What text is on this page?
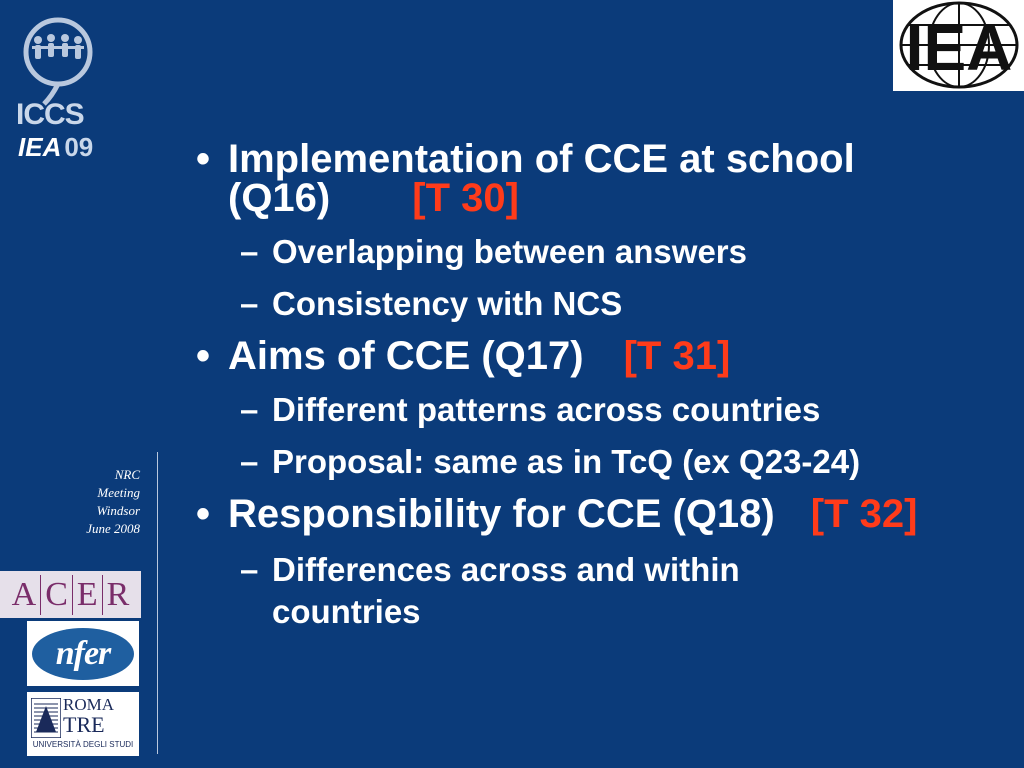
ICCS
IEA 09
IEA
NRC
Meeting
Windsor
June 2008
A C E R
nfer
ROMA
TRE
UNIVERSITÀ DEGLI STUDI
• Implementation of CCE at school
(Q16) [T 30]
– Overlapping between answers
– Consistency with NCS
• Aims of CCE (Q17) [T 31]
– Different patterns across countries
– Proposal: same as in TcQ (ex Q23-24)
• Responsibility for CCE (Q18) [T 32]
– Differences across and within
countries
